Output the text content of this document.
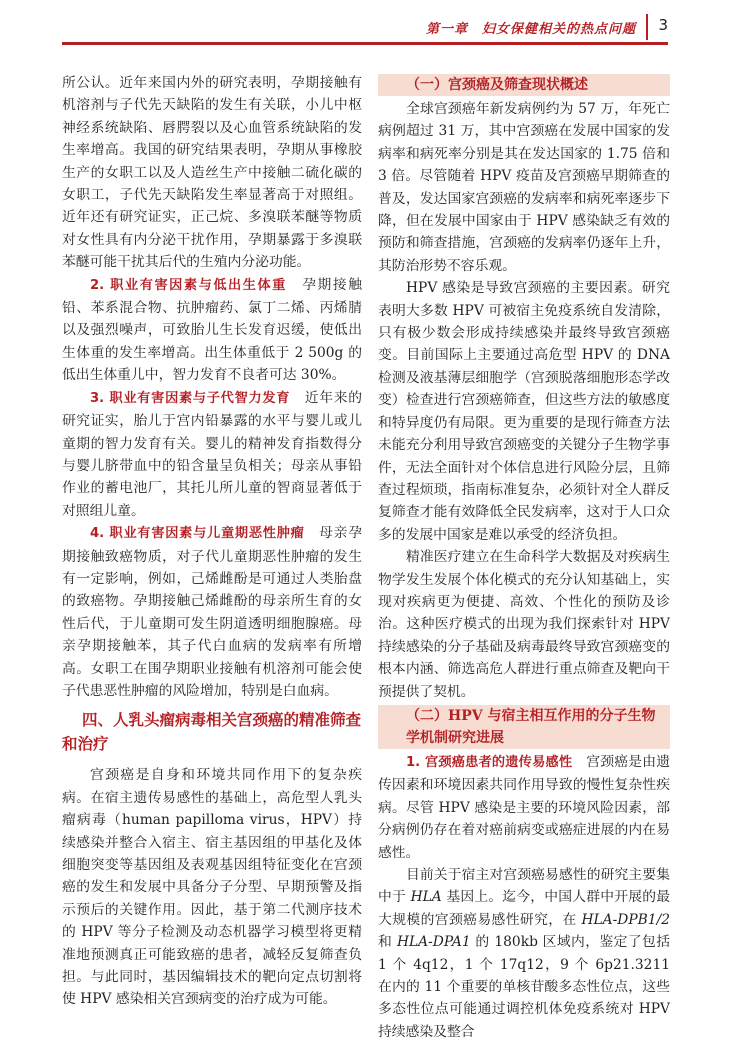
第一章　妇女保健相关的热点问题 3

所公认。近年来国内外的研究表明，孕期接触有机溶剂与子代先天缺陷的发生有关联，小儿中枢神经系统缺陷、唇腭裂以及心血管系统缺陷的发生率增高。我国的研究结果表明，孕期从事橡胶生产的女职工以及人造丝生产中接触二硫化碳的女职工，子代先天缺陷发生率显著高于对照组。近年还有研究证实，正己烷、多溴联苯醚等物质对女性具有内分泌干扰作用，孕期暴露于多溴联苯醚可能干扰其后代的生殖内分泌功能。

2. 职业有害因素与低出生体重　 孕期接触铅、苯系混合物、抗肿瘤药、氯丁二烯、丙烯腈以及强烈噪声，可致胎儿生长发育迟缓，使低出生体重的发生率增高。出生体重低于 2 500g 的低出生体重儿中，智力发育不良者可达 30%。

3. 职业有害因素与子代智力发育　 近年来的研究证实，胎儿于宫内铅暴露的水平与婴儿或儿童期的智力发育有关。婴儿的精神发育指数得分与婴儿脐带血中的铅含量呈负相关；母亲从事铅作业的蓄电池厂，其托儿所儿童的智商显著低于对照组儿童。

4. 职业有害因素与儿童期恶性肿瘤　 母亲孕期接触致癌物质，对子代儿童期恶性肿瘤的发生有一定影响，例如，己烯雌酚是可通过人类胎盘的致癌物。孕期接触己烯雌酚的母亲所生育的女性后代，于儿童期可发生阴道透明细胞腺癌。母亲孕期接触苯，其子代白血病的发病率有所增高。女职工在围孕期职业接触有机溶剂可能会使子代患恶性肿瘤的风险增加，特别是白血病。

四、人乳头瘤病毒相关宫颈癌的精准筛查和治疗

宫颈癌是自身和环境共同作用下的复杂疾病。在宿主遗传易感性的基础上，高危型人乳头瘤病毒（human papilloma virus，HPV）持续感染并整合入宿主、宿主基因组的甲基化及体细胞突变等基因组及表观基因组特征变化在宫颈癌的发生和发展中具备分子分型、早期预警及指示预后的关键作用。因此，基于第二代测序技术的 HPV 等分子检测及动态机器学习模型将更精准地预测真正可能致癌的患者，减轻反复筛查负担。与此同时，基因编辑技术的靶向定点切割将使 HPV 感染相关宫颈病变的治疗成为可能。

（一）宫颈癌及筛查现状概述

全球宫颈癌年新发病例约为 57 万，年死亡病例超过 31 万，其中宫颈癌在发展中国家的发病率和病死率分别是其在发达国家的 1.75 倍和 3 倍。尽管随着 HPV 疫苗及宫颈癌早期筛查的普及，发达国家宫颈癌的发病率和病死率逐步下降，但在发展中国家由于 HPV 感染缺乏有效的预防和筛查措施，宫颈癌的发病率仍逐年上升，其防治形势不容乐观。

HPV 感染是导致宫颈癌的主要因素。研究表明大多数 HPV 可被宿主免疫系统自发清除，只有极少数会形成持续感染并最终导致宫颈癌变。目前国际上主要通过高危型 HPV 的 DNA 检测及液基薄层细胞学（宫颈脱落细胞形态学改变）检查进行宫颈癌筛查，但这些方法的敏感度和特异度仍有局限。更为重要的是现行筛查方法未能充分利用导致宫颈癌变的关键分子生物学事件，无法全面针对个体信息进行风险分层，且筛查过程烦琐，指南标准复杂，必须针对全人群反复筛查才能有效降低全民发病率，这对于人口众多的发展中国家是难以承受的经济负担。

精准医疗建立在生命科学大数据及对疾病生物学发生发展个体化模式的充分认知基础上，实现对疾病更为便捷、高效、个性化的预防及诊治。这种医疗模式的出现为我们探索针对 HPV 持续感染的分子基础及病毒最终导致宫颈癌变的根本内涵、筛选高危人群进行重点筛查及靶向干预提供了契机。

（二）HPV 与宿主相互作用的分子生物学机制研究进展

1. 宫颈癌患者的遗传易感性　 宫颈癌是由遗传因素和环境因素共同作用导致的慢性复杂性疾病。尽管 HPV 感染是主要的环境风险因素，部分病例仍存在着对癌前病变或癌症进展的内在易感性。

目前关于宿主对宫颈癌易感性的研究主要集中于 HLA 基因上。迄今，中国人群中开展的最大规模的宫颈癌易感性研究，在 HLA-DPB1/2 和 HLA-DPA1 的 180kb 区域内，鉴定了包括 1 个 4q12，1 个 17q12，9 个 6p21.3211 在内的 11 个重要的单核苷酸多态性位点，这些多态性位点可能通过调控机体免疫系统对 HPV 持续感染及整合
